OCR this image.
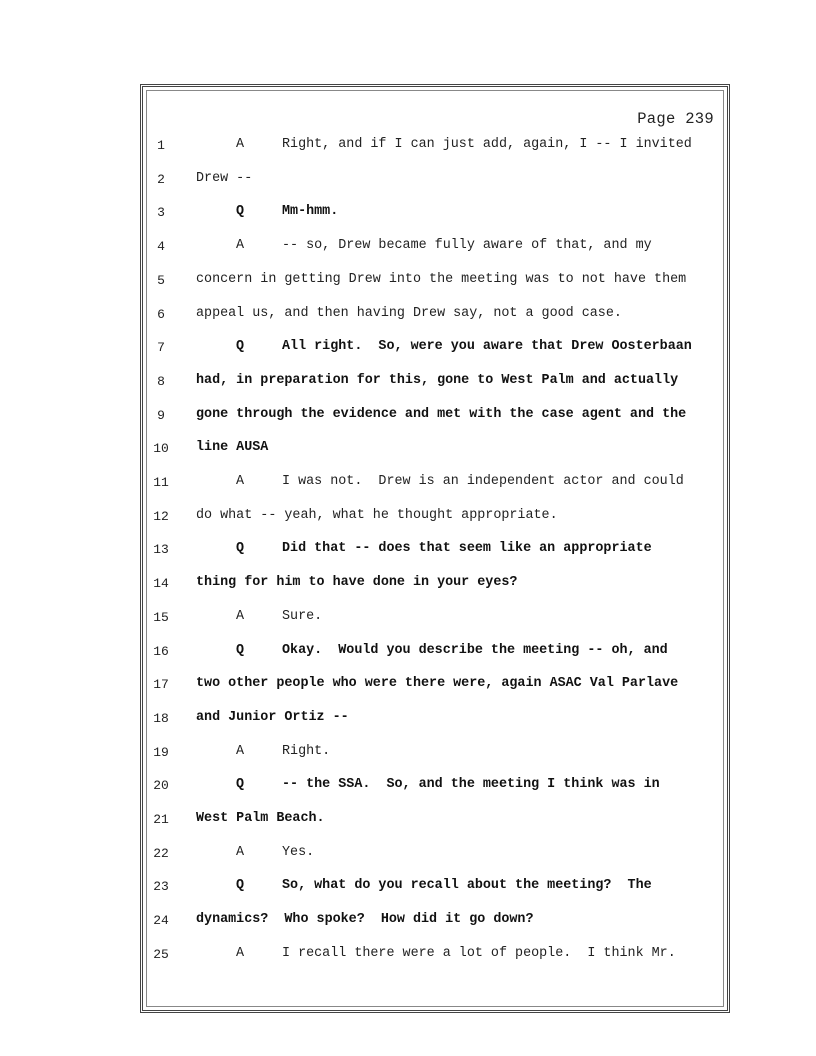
Page 239
1	A	Right, and if I can just add, again, I -- I invited
2	Drew --
3	Q	Mm-hmm.
4	A	-- so, Drew became fully aware of that, and my
5	concern in getting Drew into the meeting was to not have them
6	appeal us, and then having Drew say, not a good case.
7	Q	All right.  So, were you aware that Drew Oosterbaan
8	had, in preparation for this, gone to West Palm and actually
9	gone through the evidence and met with the case agent and the
10 line AUSA
11	A	I was not.  Drew is an independent actor and could
12 do what -- yeah, what he thought appropriate.
13	Q	Did that -- does that seem like an appropriate
14 thing for him to have done in your eyes?
15	A	Sure.
16	Q	Okay.  Would you describe the meeting -- oh, and
17 two other people who were there were, again ASAC Val Parlave
18 and Junior Ortiz --
19	A	Right.
20	Q	-- the SSA.  So, and the meeting I think was in
21 West Palm Beach.
22	A	Yes.
23	Q	So, what do you recall about the meeting?  The
24 dynamics?  Who spoke?  How did it go down?
25	A	I recall there were a lot of people.  I think Mr.
